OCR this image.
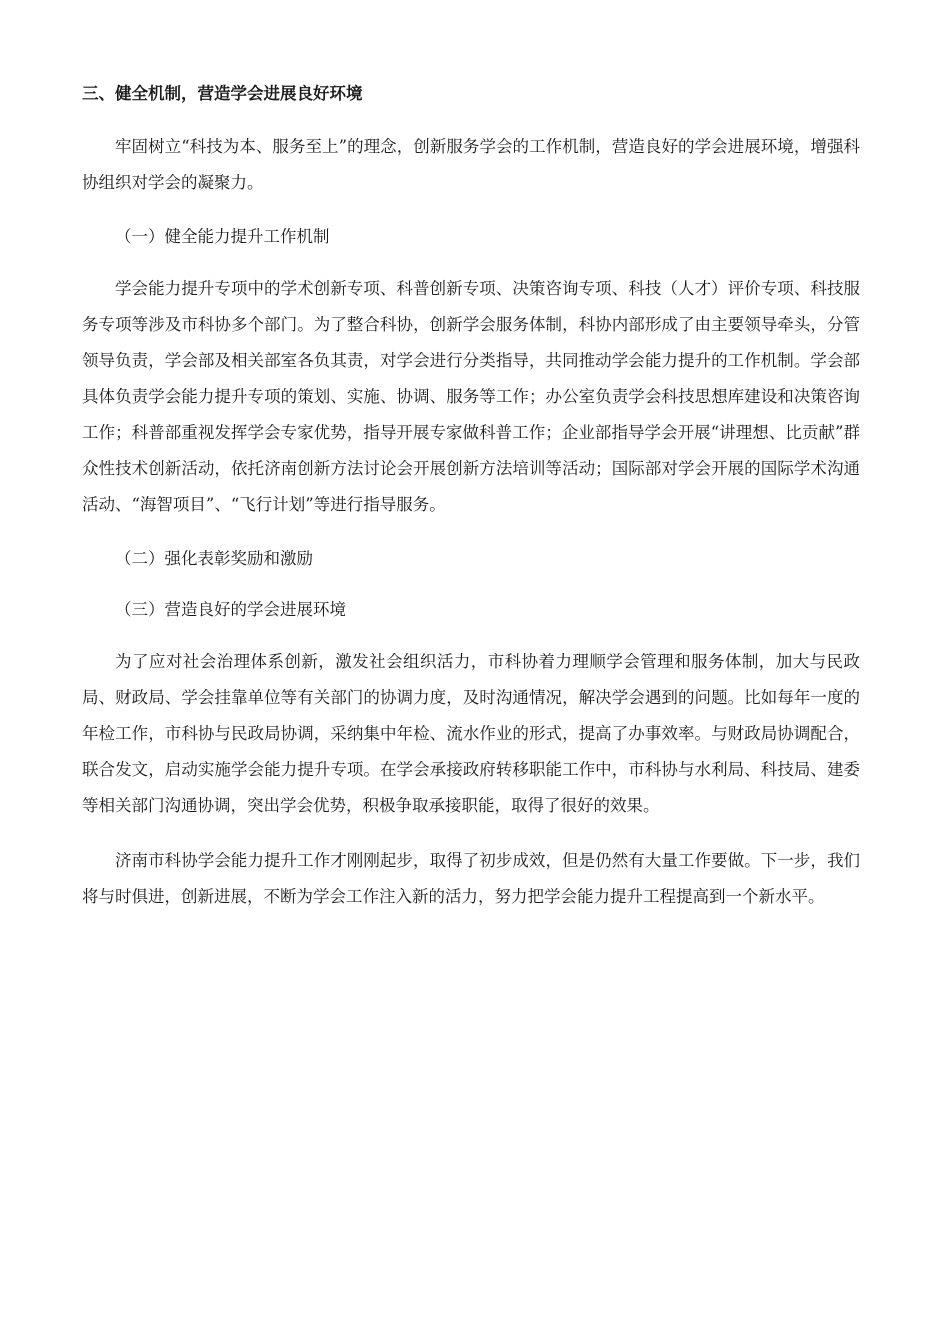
三、健全机制，营造学会进展良好环境

牢固树立“科技为本、服务至上”的理念，创新服务学会的工作机制，营造良好的学会进展环境，增强科协组织对学会的凝聚力。

（一）健全能力提升工作机制

学会能力提升专项中的学术创新专项、科普创新专项、决策咨询专项、科技（人才）评价专项、科技服务专项等涉及市科协多个部门。为了整合科协，创新学会服务体制，科协内部形成了由主要领导牵头，分管领导负责，学会部及相关部室各负其责，对学会进行分类指导，共同推动学会能力提升的工作机制。学会部具体负责学会能力提升专项的策划、实施、协调、服务等工作；办公室负责学会科技思想库建设和决策咨询工作；科普部重视发挥学会专家优势，指导开展专家做科普工作；企业部指导学会开展“讲理想、比贡献”群众性技术创新活动，依托济南创新方法讨论会开展创新方法培训等活动；国际部对学会开展的国际学术沟通活动、“海智项目”、“飞行计划”等进行指导服务。

（二）强化表彰奖励和激励

（三）营造良好的学会进展环境

为了应对社会治理体系创新，激发社会组织活力，市科协着力理顺学会管理和服务体制，加大与民政局、财政局、学会挂靠单位等有关部门的协调力度，及时沟通情况，解决学会遇到的问题。比如每年一度的年检工作，市科协与民政局协调，采纳集中年检、流水作业的形式，提高了办事效率。与财政局协调配合，联合发文，启动实施学会能力提升专项。在学会承接政府转移职能工作中，市科协与水利局、科技局、建委等相关部门沟通协调，突出学会优势，积极争取承接职能，取得了很好的效果。

济南市科协学会能力提升工作才刚刚起步，取得了初步成效，但是仍然有大量工作要做。下一步，我们将与时俱进，创新进展，不断为学会工作注入新的活力，努力把学会能力提升工程提高到一个新水平。
